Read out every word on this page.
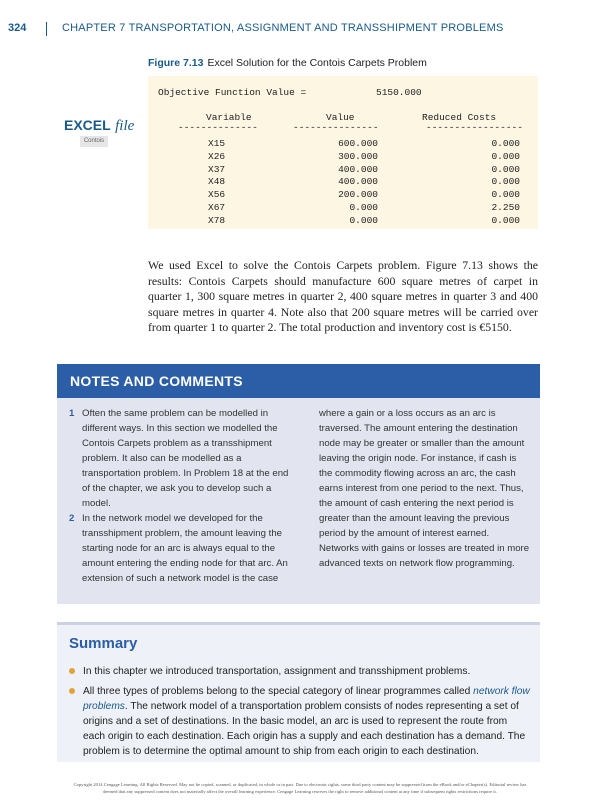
324	CHAPTER 7 TRANSPORTATION, ASSIGNMENT AND TRANSSHIPMENT PROBLEMS
Figure 7.13 Excel Solution for the Contois Carpets Problem
EXCEL file
Contois
Objective Function Value =	5150.000
Variable	Value	Reduced Costs
--------------	---------------	-----------------
X15	600.000	0.000
X26	300.000	0.000
X37	400.000	0.000
X48	400.000	0.000
X56	200.000	0.000
X67	0.000	2.250
X78	0.000	0.000

We used Excel to solve the Contois Carpets problem. Figure 7.13 shows the results: Contois Carpets should manufacture 600 square metres of carpet in quarter 1, 300 square metres in quarter 2, 400 square metres in quarter 3 and 400 square metres in quarter 4. Note also that 200 square metres will be carried over from quarter 1 to quarter 2. The total production and inventory cost is €5150.

NOTES AND COMMENTS
1 Often the same problem can be modelled in different ways. In this section we modelled the Contois Carpets problem as a transshipment problem. It also can be modelled as a transportation problem. In Problem 18 at the end of the chapter, we ask you to develop such a model.
2 In the network model we developed for the transshipment problem, the amount leaving the starting node for an arc is always equal to the amount entering the ending node for that arc. An extension of such a network model is the case
where a gain or a loss occurs as an arc is traversed. The amount entering the destination node may be greater or smaller than the amount leaving the origin node. For instance, if cash is the commodity flowing across an arc, the cash earns interest from one period to the next. Thus, the amount of cash entering the next period is greater than the amount leaving the previous period by the amount of interest earned. Networks with gains or losses are treated in more advanced texts on network flow programming.
Summary
In this chapter we introduced transportation, assignment and transshipment problems.
All three types of problems belong to the special category of linear programmes called network flow problems. The network model of a transportation problem consists of nodes representing a set of origins and a set of destinations. In the basic model, an arc is used to represent the route from each origin to each destination. Each origin has a supply and each destination has a demand. The problem is to determine the optimal amount to ship from each origin to each destination.
Copyright 2014 Cengage Learning. All Rights Reserved. May not be copied, scanned, or duplicated, in whole or in part. Due to electronic rights, some third party content may be suppressed from the eBook and/or eChapter(s). Editorial review has
deemed that any suppressed content does not materially affect the overall learning experience. Cengage Learning reserves the right to remove additional content at any time if subsequent rights restrictions require it.
